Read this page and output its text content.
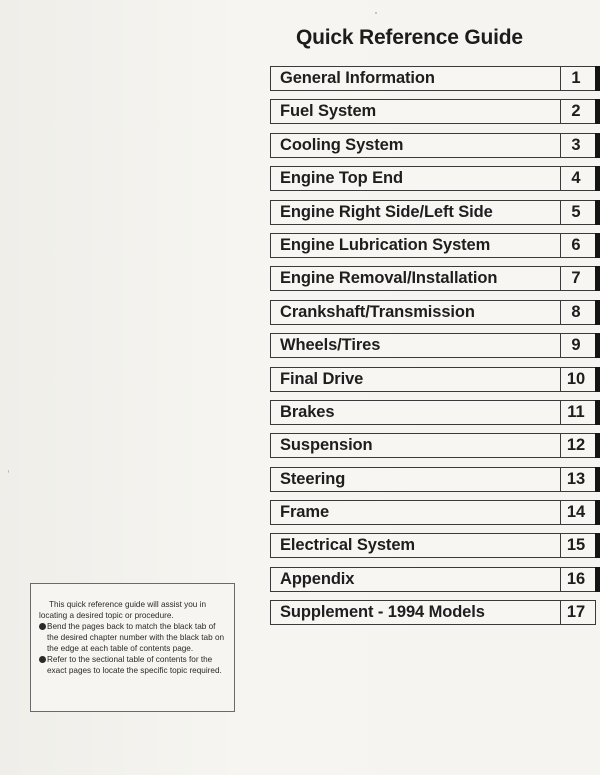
Quick Reference Guide
General Information	1
Fuel System	2
Cooling System	3
Engine Top End	4
Engine Right Side/Left Side	5
Engine Lubrication System	6
Engine Removal/Installation	7
Crankshaft/Transmission	8
Wheels/Tires	9
Final Drive	10
Brakes	11
Suspension	12
Steering	13
Frame	14
Electrical System	15
Appendix	16
Supplement - 1994 Models	17

This quick reference guide will assist you in locating a desired topic or procedure.

Bend the pages back to match the black tab of the desired chapter number with the black tab on the edge at each table of contents page.
Refer to the sectional table of contents for the exact pages to locate the specific topic required.
